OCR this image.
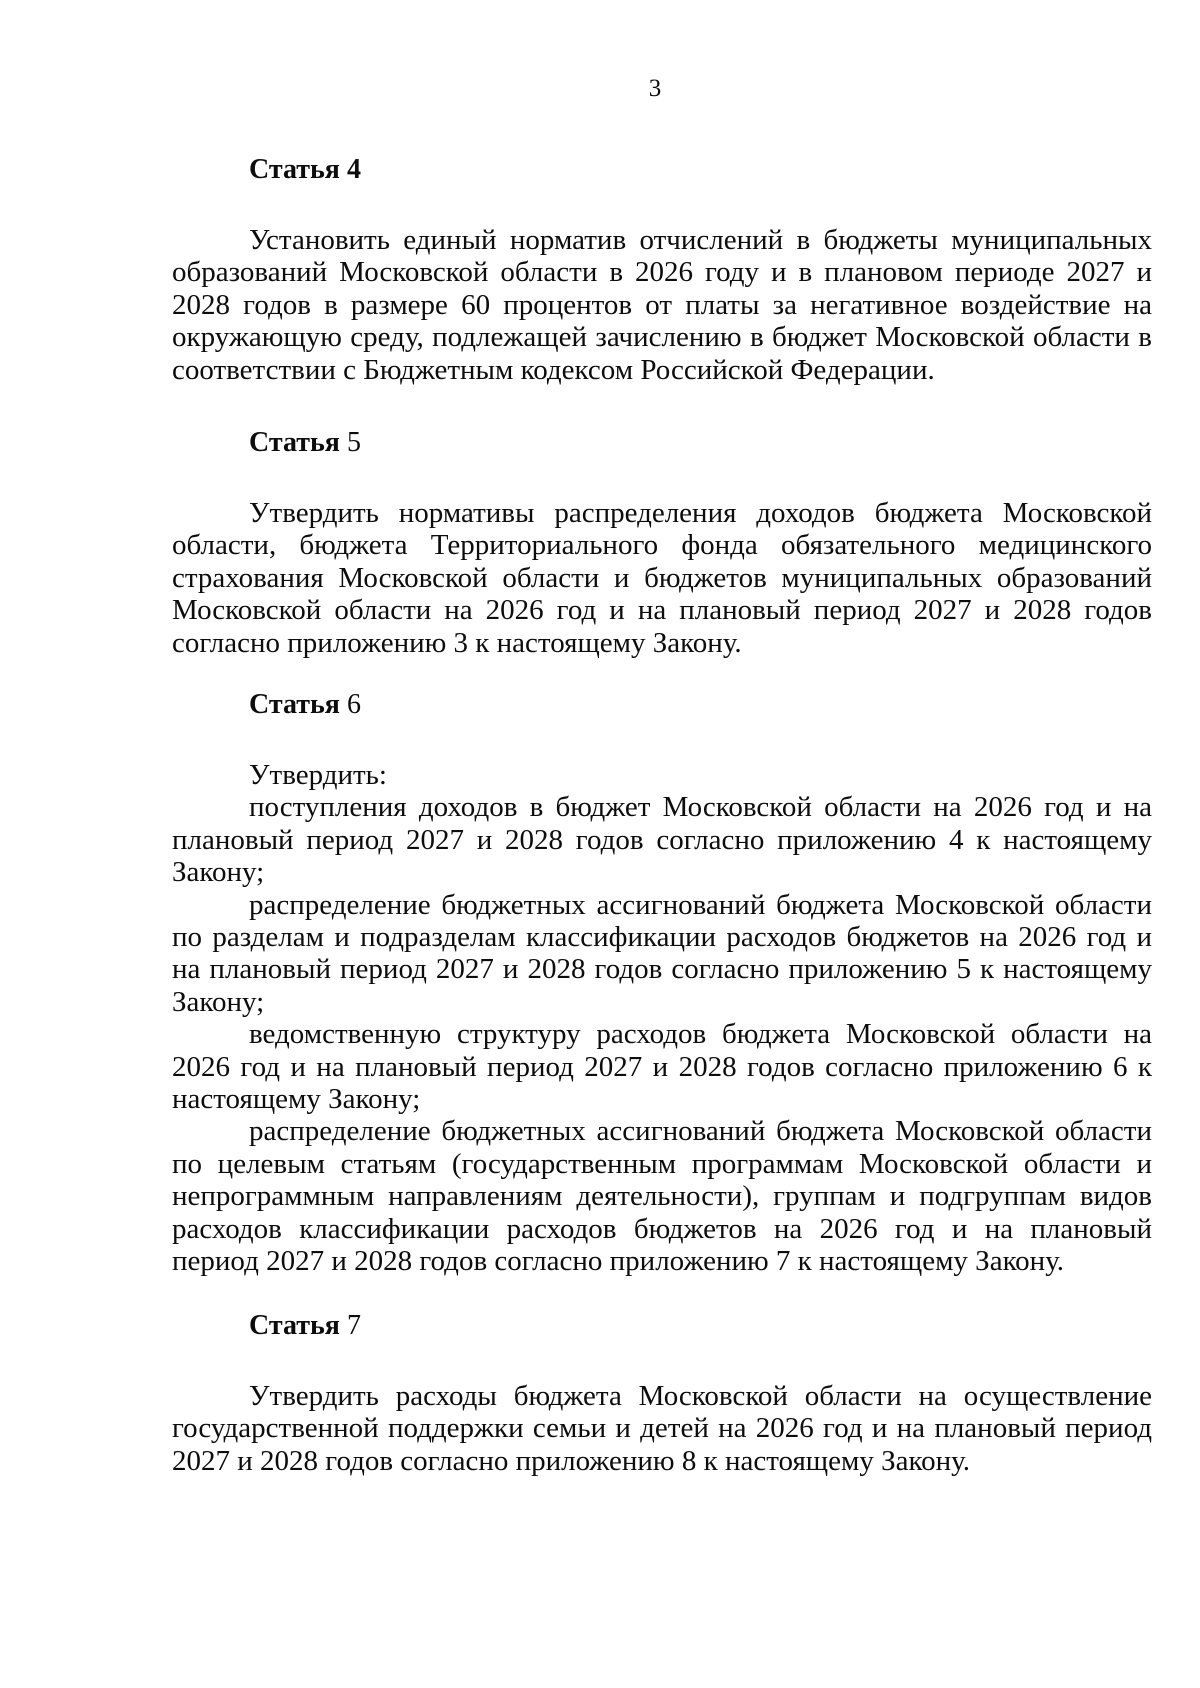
3
Статья 4

Установить единый норматив отчислений в бюджеты муниципальных образований Московской области в 2026 году и в плановом периоде 2027 и 2028 годов в размере 60 процентов от платы за негативное воздействие на окружающую среду, подлежащей зачислению в бюджет Московской области в соответствии с Бюджетным кодексом Российской Федерации.

Статья 5

Утвердить нормативы распределения доходов бюджета Московской области, бюджета Территориального фонда обязательного медицинского страхования Московской области и бюджетов муниципальных образований Московской области на 2026 год и на плановый период 2027 и 2028 годов согласно приложению 3 к настоящему Закону.

Статья 6

Утвердить:

поступления доходов в бюджет Московской области на 2026 год и на плановый период 2027 и 2028 годов согласно приложению 4 к настоящему Закону;

распределение бюджетных ассигнований бюджета Московской области по разделам и подразделам классификации расходов бюджетов на 2026 год и на плановый период 2027 и 2028 годов согласно приложению 5 к настоящему Закону;

ведомственную структуру расходов бюджета Московской области на 2026 год и на плановый период 2027 и 2028 годов согласно приложению 6 к настоящему Закону;

распределение бюджетных ассигнований бюджета Московской области по целевым статьям (государственным программам Московской области и непрограммным направлениям деятельности), группам и подгруппам видов расходов классификации расходов бюджетов на 2026 год и на плановый период 2027 и 2028 годов согласно приложению 7 к настоящему Закону.

Статья 7

Утвердить расходы бюджета Московской области на осуществление государственной поддержки семьи и детей на 2026 год и на плановый период 2027 и 2028 годов согласно приложению 8 к настоящему Закону.
